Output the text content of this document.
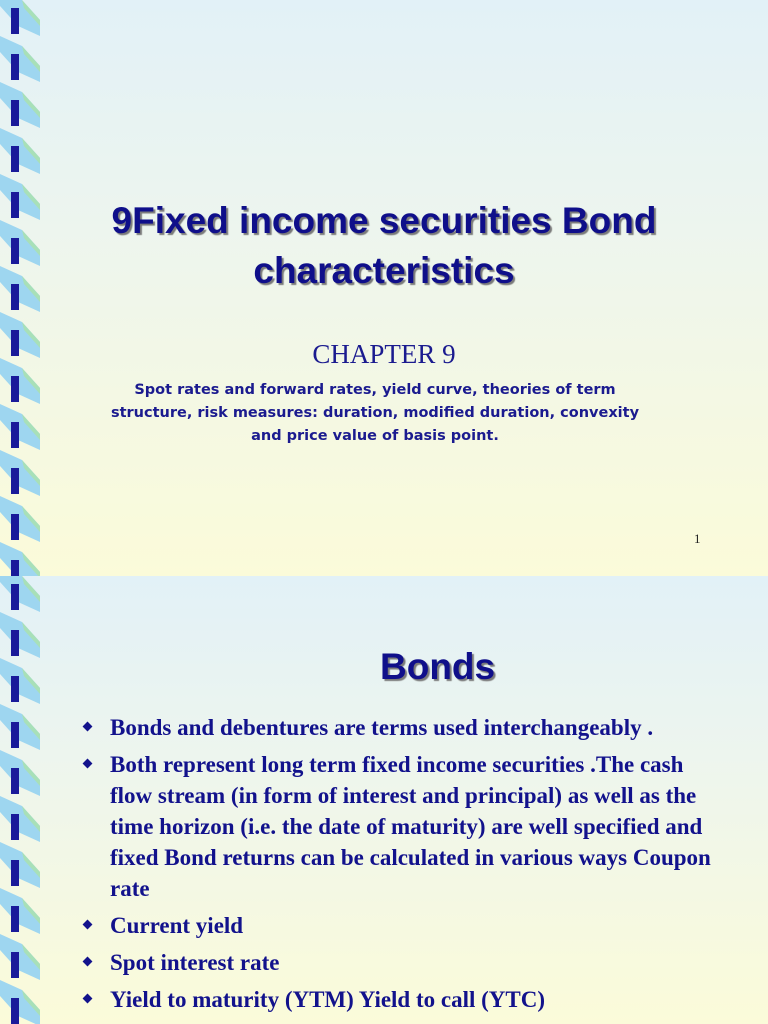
9Fixed income securities Bond characteristics
CHAPTER 9
Spot rates and forward rates, yield curve, theories of term structure, risk measures: duration, modified duration, convexity and price value of basis point.
1
Bonds
Bonds and debentures are terms used interchangeably .
Both represent long term fixed income securities .The cash flow stream (in form of interest and principal) as well as the time horizon (i.e. the date of maturity) are well specified and fixed Bond returns can be calculated in various ways Coupon rate
Current yield
Spot interest rate
Yield to maturity (YTM) Yield to call (YTC)
